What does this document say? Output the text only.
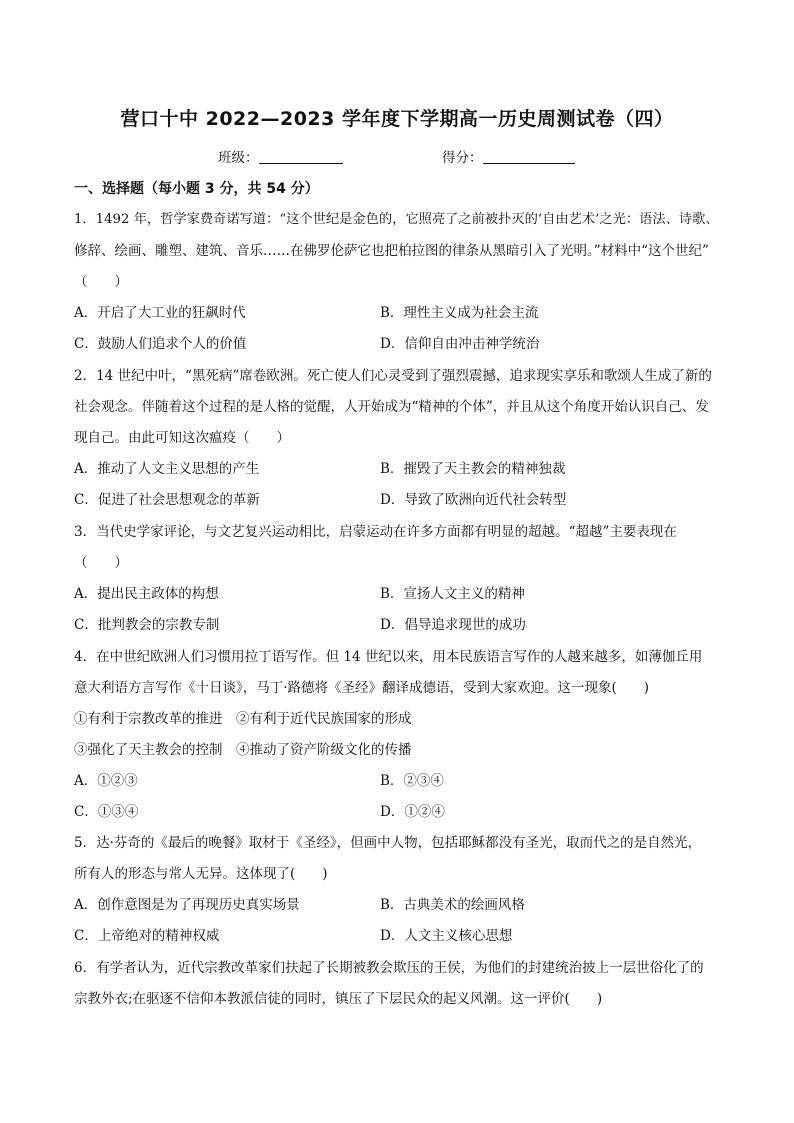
营口十中 2022—2023 学年度下学期高一历史周测试卷（四）
班级：	得分：
一、选择题（每小题 3 分，共 54 分）
1．1492 年，哲学家费奇诺写道：“这个世纪是金色的，它照亮了之前被扑灭的‘自由艺术’之光：语法、诗歌、
修辞、绘画、雕塑、建筑、音乐……在佛罗伦萨它也把柏拉图的律条从黑暗引入了光明。”材料中“这个世纪”
（　　）
A．开启了大工业的狂飙时代	B．理性主义成为社会主流
C．鼓励人们追求个人的价值	D．信仰自由冲击神学统治
2．14 世纪中叶，“黑死病”席卷欧洲。死亡使人们心灵受到了强烈震撼，追求现实享乐和歌颂人生成了新的
社会观念。伴随着这个过程的是人格的觉醒，人开始成为“精神的个体”，并且从这个角度开始认识自己、发
现自己。由此可知这次瘟疫（　　）
A．推动了人文主义思想的产生	B．摧毁了天主教会的精神独裁
C．促进了社会思想观念的革新	D．导致了欧洲向近代社会转型
3．当代史学家评论，与文艺复兴运动相比，启蒙运动在许多方面都有明显的超越。“超越”主要表现在
（　　）
A．提出民主政体的构想	B．宣扬人文主义的精神
C．批判教会的宗教专制	D．倡导追求现世的成功
4．在中世纪欧洲人们习惯用拉丁语写作。但 14 世纪以来，用本民族语言写作的人越来越多，如薄伽丘用
意大利语方言写作《十日谈》，马丁·路德将《圣经》翻译成德语，受到大家欢迎。这一现象(　　)
①有利于宗教改革的推进　②有利于近代民族国家的形成
③强化了天主教会的控制　④推动了资产阶级文化的传播
A．①②③	B．②③④
C．①③④	D．①②④
5．达·芬奇的《最后的晚餐》取材于《圣经》，但画中人物，包括耶稣都没有圣光，取而代之的是自然光，
所有人的形态与常人无异。这体现了(　　)
A．创作意图是为了再现历史真实场景	B．古典美术的绘画风格
C．上帝绝对的精神权威	D．人文主义核心思想
6．有学者认为，近代宗教改革家们扶起了长期被教会欺压的王侯，为他们的封建统治披上一层世俗化了的
宗教外衣;在驱逐不信仰本教派信徒的同时，镇压了下层民众的起义风潮。这一评价(　　)
